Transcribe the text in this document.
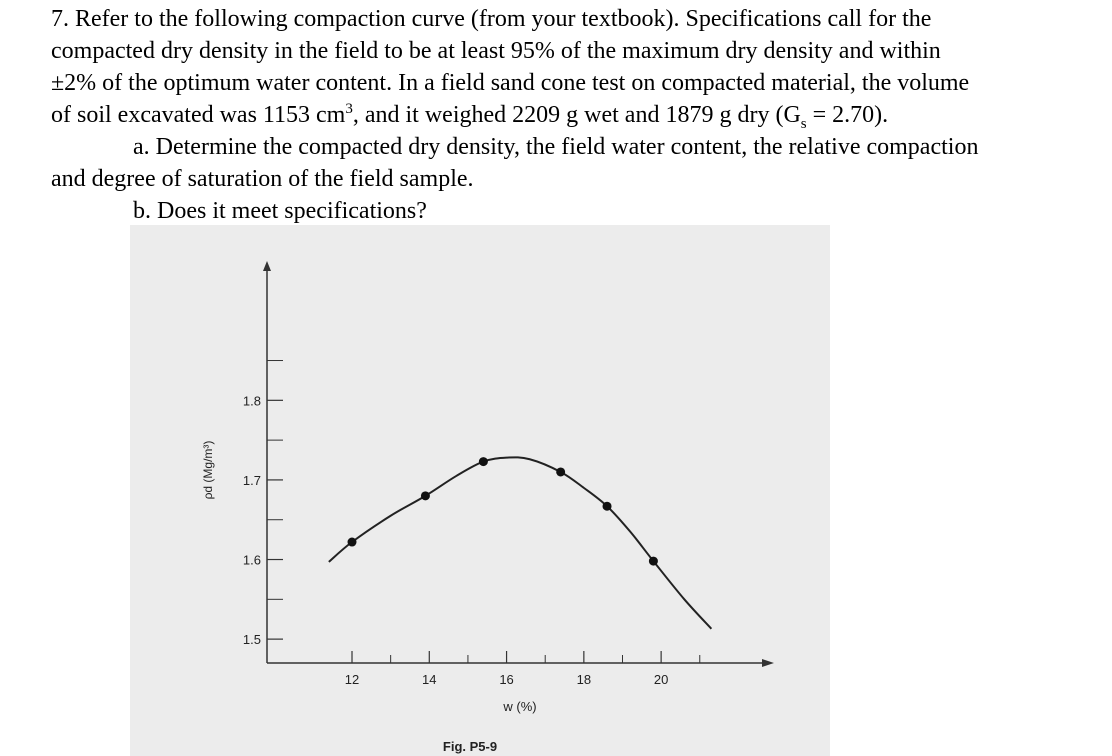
7. Refer to the following compaction curve (from your textbook). Specifications call for the

compacted dry density in the field to be at least 95% of the maximum dry density and within

±2% of the optimum water content. In a field sand cone test on compacted material, the volume

of soil excavated was 1153 $cm^3$, and it weighed 2209 g wet and 1879 g dry $(G_s = 2.70)$.

a. Determine the compacted dry density, the field water content, the relative compaction

and degree of saturation of the field sample.

b. Does it meet specifications?

1.5
1.6
1.7
1.8
12	14	16	18	20
w (%)
ρd (Mg/m³)
Fig. P5-9
